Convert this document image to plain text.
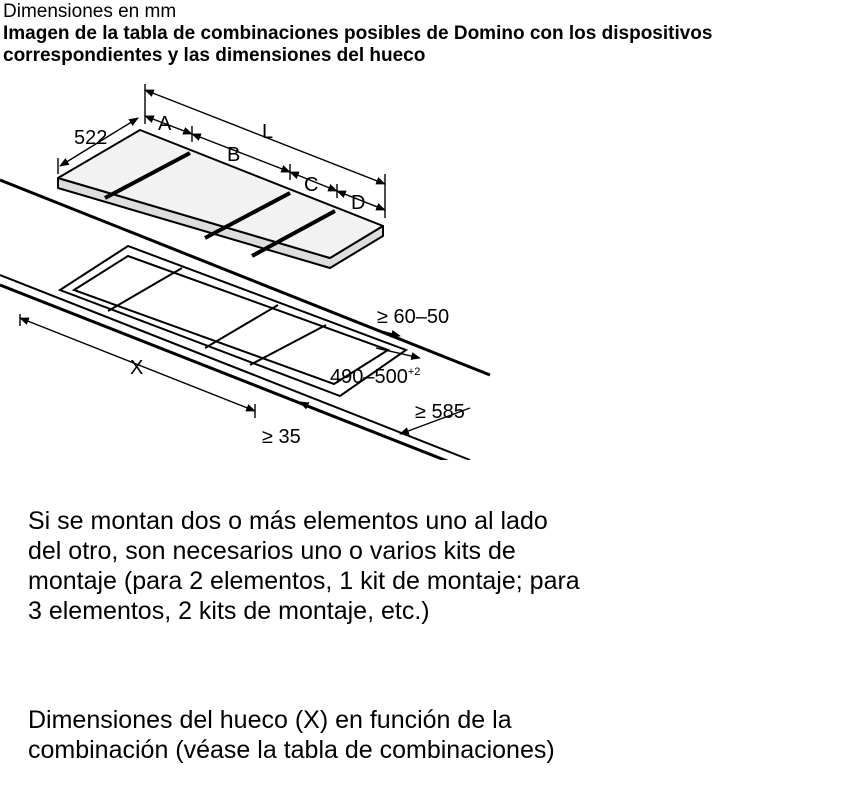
Dimensiones en mm
Imagen de la tabla de combinaciones posibles de Domino con los dispositivos correspondientes y las dimensiones del hueco
522
A	L
B
C
D
≥ 60–50
$490-500^{+2}$
X
≥ 585
≥ 35

Si se montan dos o más elementos uno al lado del otro, son necesarios uno o varios kits de montaje (para 2 elementos, 1 kit de montaje; para 3 elementos, 2 kits de montaje, etc.)

Dimensiones del hueco (X) en función de la combinación (véase la tabla de combinaciones)
